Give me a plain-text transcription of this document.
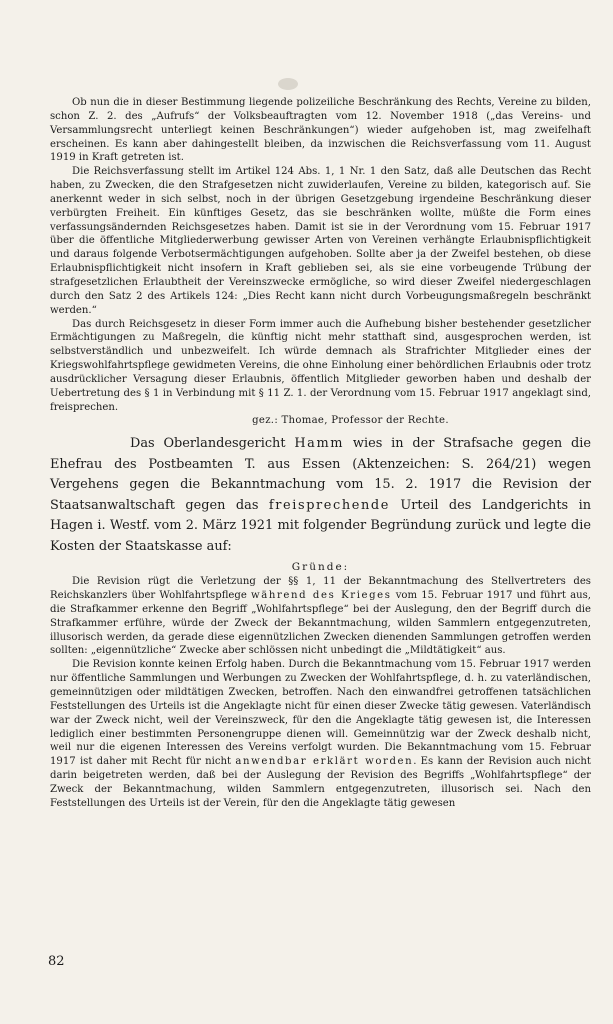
Ob nun die in dieser Bestimmung liegende polizeiliche Beschränkung des Rechts, Vereine zu bilden, schon Z. 2. des „Aufrufs“ der Volksbeauftragten vom 12. November 1918 („das Vereins- und Versammlungsrecht unterliegt keinen Beschränkungen“) wieder aufgehoben ist, mag zweifelhaft erscheinen. Es kann aber dahingestellt bleiben, da inzwischen die Reichsverfassung vom 11. August 1919 in Kraft getreten ist.

Die Reichsverfassung stellt im Artikel 124 Abs. 1, 1 Nr. 1 den Satz, daß alle Deutschen das Recht haben, zu Zwecken, die den Strafgesetzen nicht zuwiderlaufen, Vereine zu bilden, kategorisch auf. Sie anerkennt weder in sich selbst, noch in der übrigen Gesetzgebung irgendeine Beschränkung dieser verbürgten Freiheit. Ein künftiges Gesetz, das sie beschränken wollte, müßte die Form eines verfassungsändernden Reichsgesetzes haben. Damit ist sie in der Verordnung vom 15. Februar 1917 über die öffentliche Mitgliederwerbung gewisser Arten von Vereinen verhängte Erlaubnispflichtigkeit und daraus folgende Verbotsermächtigungen aufgehoben. Sollte aber ja der Zweifel bestehen, ob diese Erlaubnispflichtigkeit nicht insofern in Kraft geblieben sei, als sie eine vorbeugende Trübung der strafgesetzlichen Erlaubtheit der Vereinszwecke ermögliche, so wird dieser Zweifel niedergeschlagen durch den Satz 2 des Artikels 124: „Dies Recht kann nicht durch Vorbeugungsmaßregeln beschränkt werden.“

Das durch Reichsgesetz in dieser Form immer auch die Aufhebung bisher bestehender gesetzlicher Ermächtigungen zu Maßregeln, die künftig nicht mehr statthaft sind, ausgesprochen werden, ist selbstverständlich und unbezweifelt. Ich würde demnach als Strafrichter Mitglieder eines der Kriegswohlfahrtspflege gewidmeten Vereins, die ohne Einholung einer behördlichen Erlaubnis oder trotz ausdrücklicher Versagung dieser Erlaubnis, öffentlich Mitglieder geworben haben und deshalb der Uebertretung des § 1 in Verbindung mit § 11 Z. 1. der Verordnung vom 15. Februar 1917 angeklagt sind, freisprechen.

gez.: Thomae, Professor der Rechte.

Das Oberlandesgericht Hamm wies in der Strafsache gegen die Ehefrau des Postbeamten T. aus Essen (Aktenzeichen: S. 264/21) wegen Vergehens gegen die Bekanntmachung vom 15. 2. 1917 die Revision der Staatsanwaltschaft gegen das freisprechende Urteil des Landgerichts in Hagen i. Westf. vom 2. März 1921 mit folgender Begründung zurück und legte die Kosten der Staatskasse auf:

Gründe:

Die Revision rügt die Verletzung der §§ 1, 11 der Bekanntmachung des Stellvertreters des Reichskanzlers über Wohlfahrtspflege während des Krieges vom 15. Februar 1917 und führt aus, die Strafkammer erkenne den Begriff „Wohlfahrtspflege“ bei der Auslegung, den der Begriff durch die Strafkammer erführe, würde der Zweck der Bekanntmachung, wilden Sammlern entgegenzutreten, illusorisch werden, da gerade diese eigennützlichen Zwecken dienenden Sammlungen getroffen werden sollten: „eigennützliche“ Zwecke aber schlössen nicht unbedingt die „Mildtätigkeit“ aus.

Die Revision konnte keinen Erfolg haben. Durch die Bekanntmachung vom 15. Februar 1917 werden nur öffentliche Sammlungen und Werbungen zu Zwecken der Wohlfahrtspflege, d. h. zu vaterländischen, gemeinnützigen oder mildtätigen Zwecken, betroffen. Nach den einwandfrei getroffenen tatsächlichen Feststellungen des Urteils ist die Angeklagte nicht für einen dieser Zwecke tätig gewesen. Vaterländisch war der Zweck nicht, weil der Vereinszweck, für den die Angeklagte tätig gewesen ist, die Interessen lediglich einer bestimmten Personengruppe dienen will. Gemeinnützig war der Zweck deshalb nicht, weil nur die eigenen Interessen des Vereins verfolgt wurden. Die Bekanntmachung vom 15. Februar 1917 ist daher mit Recht für nicht anwendbar erklärt worden. Es kann der Revision auch nicht darin beigetreten werden, daß bei der Auslegung der Revision des Begriffs „Wohlfahrtspflege“ der Zweck der Bekanntmachung, wilden Sammlern entgegenzutreten, illusorisch sei. Nach den Feststellungen des Urteils ist der Verein, für den die Angeklagte tätig gewesen

82
